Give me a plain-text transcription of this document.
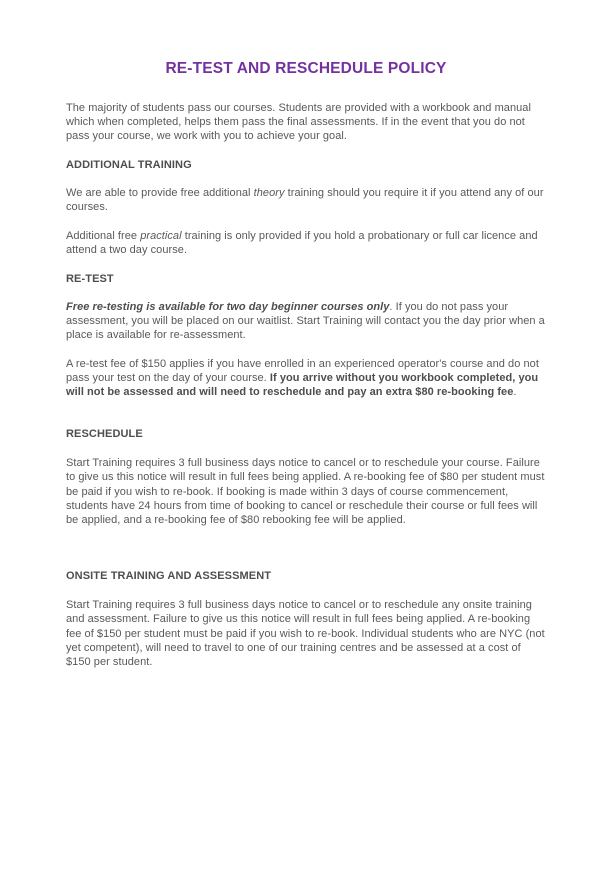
RE-TEST AND RESCHEDULE POLICY

The majority of students pass our courses. Students are provided with a workbook and manual which when completed, helps them pass the final assessments. If in the event that you do not pass your course, we work with you to achieve your goal.

ADDITIONAL TRAINING

We are able to provide free additional theory training should you require it if you attend any of our courses.

Additional free practical training is only provided if you hold a probationary or full car licence and attend a two day course.

RE-TEST

Free re-testing is available for two day beginner courses only. If you do not pass your assessment, you will be placed on our waitlist. Start Training will contact you the day prior when a place is available for re-assessment.

A re-test fee of $150 applies if you have enrolled in an experienced operator's course and do not pass your test on the day of your course. If you arrive without you workbook completed, you will not be assessed and will need to reschedule and pay an extra $80 re-booking fee.

RESCHEDULE

Start Training requires 3 full business days notice to cancel or to reschedule your course. Failure to give us this notice will result in full fees being applied. A re-booking fee of $80 per student must be paid if you wish to re-book. If booking is made within 3 days of course commencement, students have 24 hours from time of booking to cancel or reschedule their course or full fees will be applied, and a re-booking fee of $80 rebooking fee will be applied.

ONSITE TRAINING AND ASSESSMENT

Start Training requires 3 full business days notice to cancel or to reschedule any onsite training and assessment. Failure to give us this notice will result in full fees being applied. A re-booking fee of $150 per student must be paid if you wish to re-book. Individual students who are NYC (not yet competent), will need to travel to one of our training centres and be assessed at a cost of $150 per student.
